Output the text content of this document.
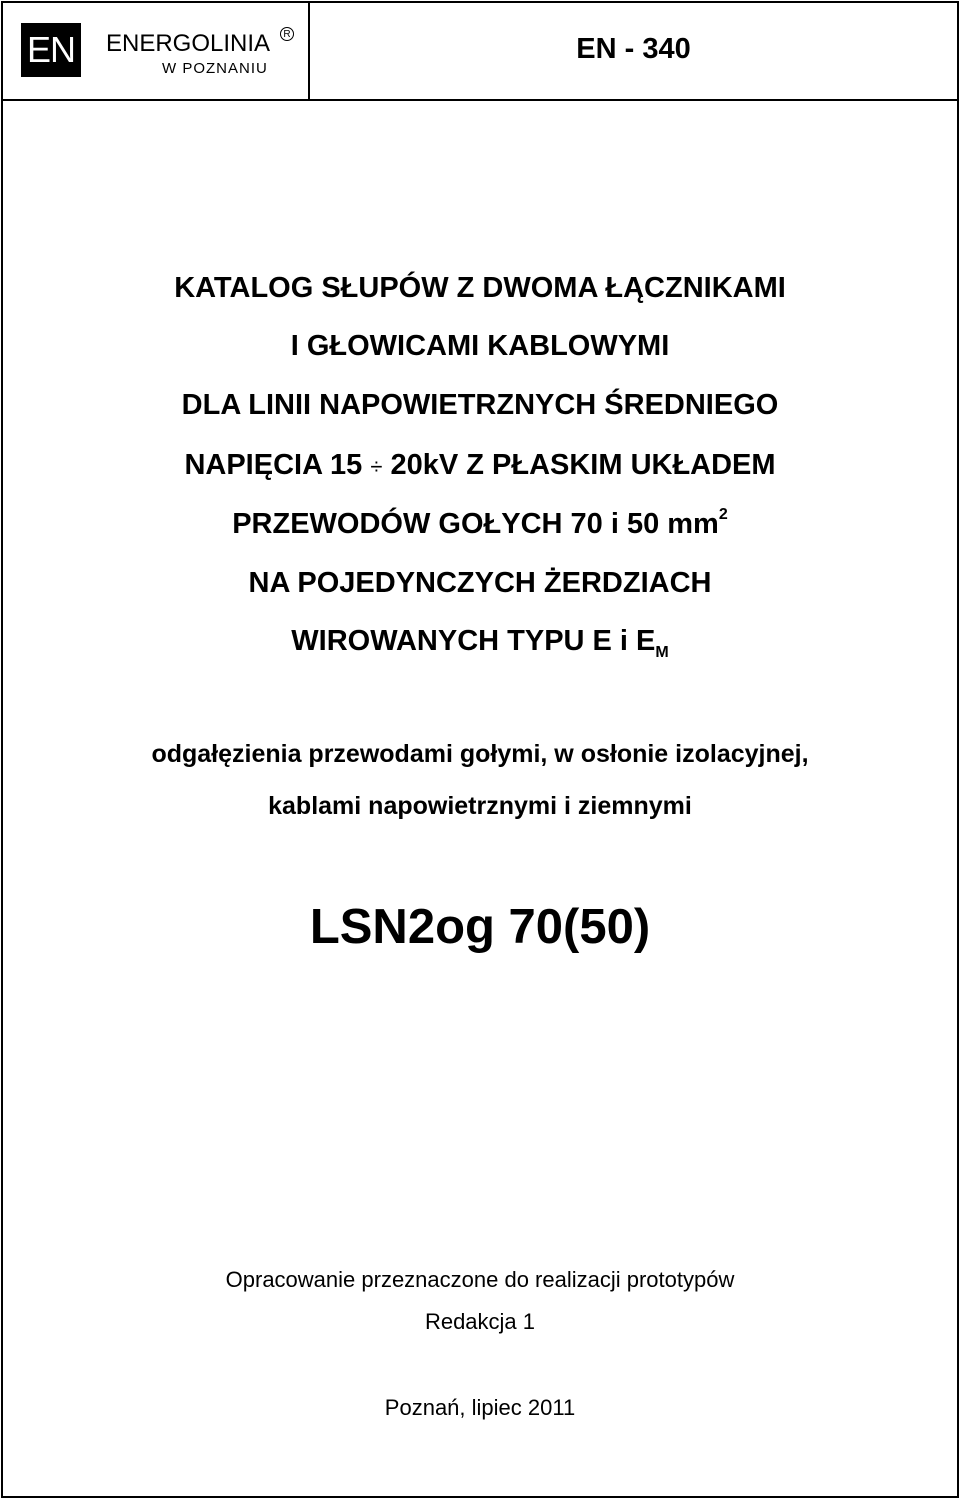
EN ENERGOLINIA	R
W POZNANIU
EN - 340
KATALOG SŁUPÓW Z DWOMA ŁĄCZNIKAMI
I GŁOWICAMI KABLOWYMI
DLA LINII NAPOWIETRZNYCH ŚREDNIEGO
NAPIĘCIA 15 ÷ 20kV Z PŁASKIM UKŁADEM
PRZEWODÓW GOŁYCH 70 i 50 $mm^2$
NA POJEDYNCZYCH ŻERDZIACH
WIROWANYCH TYPU E i $E_M$
odgałęzienia przewodami gołymi, w osłonie izolacyjnej,
kablami napowietrznymi i ziemnymi
LSN2og 70(50)
Opracowanie przeznaczone do realizacji prototypów
Redakcja 1
Poznań, lipiec 2011
